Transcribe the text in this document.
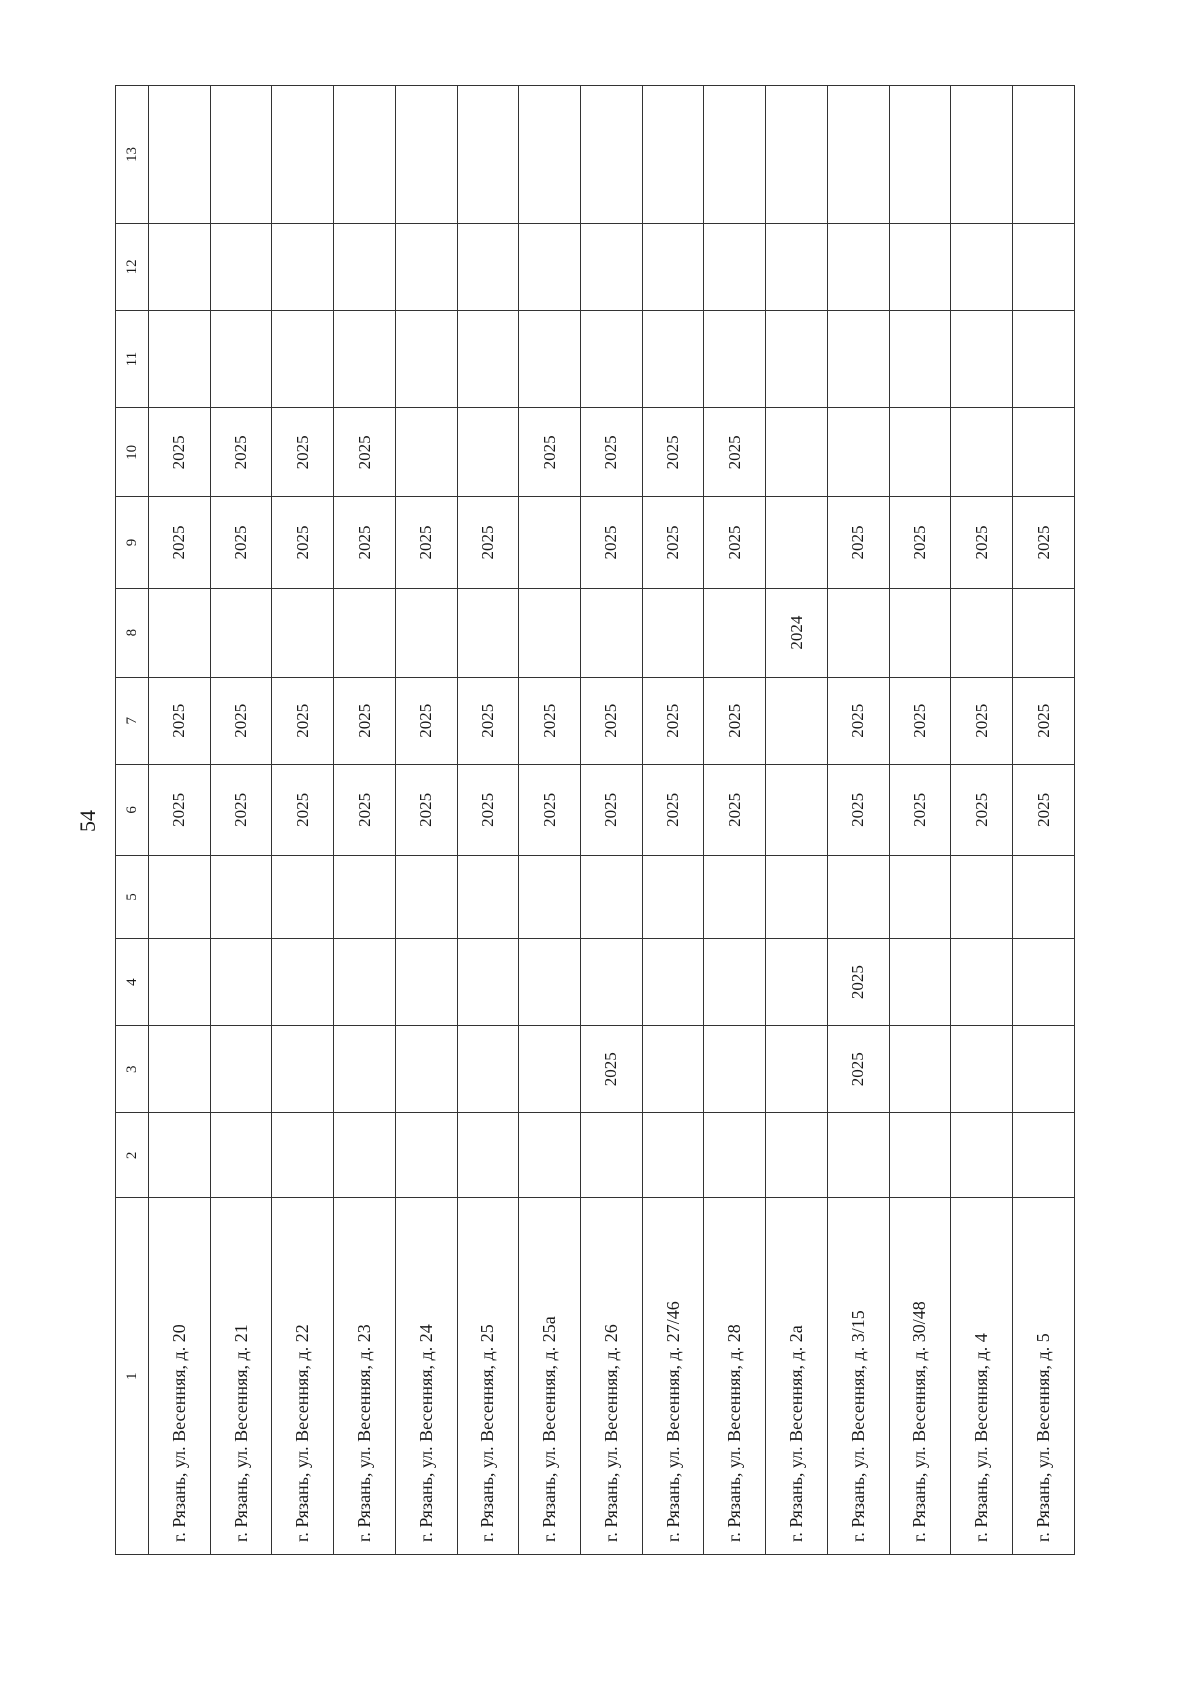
54
1	2	3	4	5	6	7	8	9	10	11	12	13
г. Рязань, ул. Весенняя, д. 20					2025	2025		2025	2025			
г. Рязань, ул. Весенняя, д. 21					2025	2025		2025	2025			
г. Рязань, ул. Весенняя, д. 22					2025	2025		2025	2025			
г. Рязань, ул. Весенняя, д. 23					2025	2025		2025	2025			
г. Рязань, ул. Весенняя, д. 24					2025	2025		2025				
г. Рязань, ул. Весенняя, д. 25					2025	2025		2025				
г. Рязань, ул. Весенняя, д. 25а					2025	2025			2025			
г. Рязань, ул. Весенняя, д. 26		2025			2025	2025		2025	2025			
г. Рязань, ул. Весенняя, д. 27/46					2025	2025		2025	2025			
г. Рязань, ул. Весенняя, д. 28					2025	2025		2025	2025			
г. Рязань, ул. Весенняя, д. 2а							2024					
г. Рязань, ул. Весенняя, д. 3/15		2025	2025		2025	2025		2025				
г. Рязань, ул. Весенняя, д. 30/48					2025	2025		2025				
г. Рязань, ул. Весенняя, д. 4					2025	2025		2025				
г. Рязань, ул. Весенняя, д. 5					2025	2025		2025				
